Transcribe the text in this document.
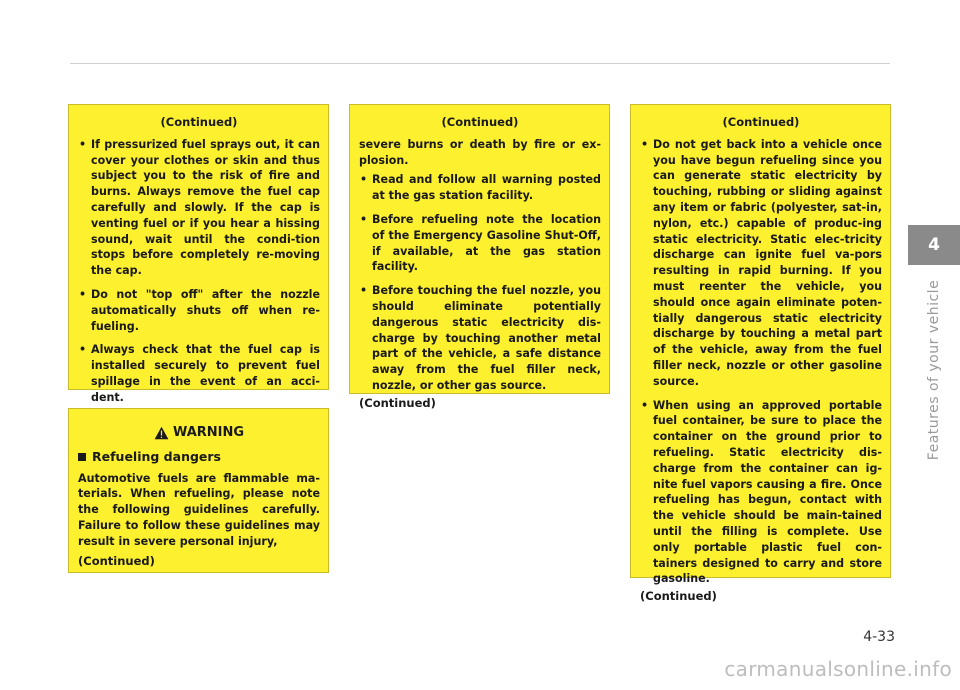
(Continued)
• If pressurized fuel sprays out, it can cover your clothes or skin and thus subject you to the risk of fire and burns. Always remove the fuel cap carefully and slowly. If the cap is venting fuel or if you hear a hissing sound, wait until the condi-tion stops before completely re-moving the cap.
• Do not "top off" after the nozzle automatically shuts off when re-fueling.
• Always check that the fuel cap is installed securely to prevent fuel spillage in the event of an acci-dent.
WARNING
Refueling dangers

Automotive fuels are flammable ma-terials. When refueling, please note the following guidelines carefully. Failure to follow these guidelines may result in severe personal injury,

(Continued)
(Continued)

severe burns or death by fire or ex-plosion.

• Read and follow all warning posted at the gas station facility.
• Before refueling note the location of the Emergency Gasoline Shut-Off, if available, at the gas station facility.
• Before touching the fuel nozzle, you should eliminate potentially dangerous static electricity dis-charge by touching another metal part of the vehicle, a safe distance away from the fuel filler neck, nozzle, or other gas source.
(Continued)
(Continued)
• Do not get back into a vehicle once you have begun refueling since you can generate static electricity by touching, rubbing or sliding against any item or fabric (polyester, sat-in, nylon, etc.) capable of produc-ing static electricity. Static elec-tricity discharge can ignite fuel va-pors resulting in rapid burning. If you must reenter the vehicle, you should once again eliminate poten-tially dangerous static electricity discharge by touching a metal part of the vehicle, away from the fuel filler neck, nozzle or other gasoline source.
• When using an approved portable fuel container, be sure to place the container on the ground prior to refueling. Static electricity dis-charge from the container can ig-nite fuel vapors causing a fire. Once refueling has begun, contact with the vehicle should be main-tained until the filling is complete. Use only portable plastic fuel con-tainers designed to carry and store gasoline.
(Continued)
4
Features of your vehicle
4-33
carmanualsonline.info
